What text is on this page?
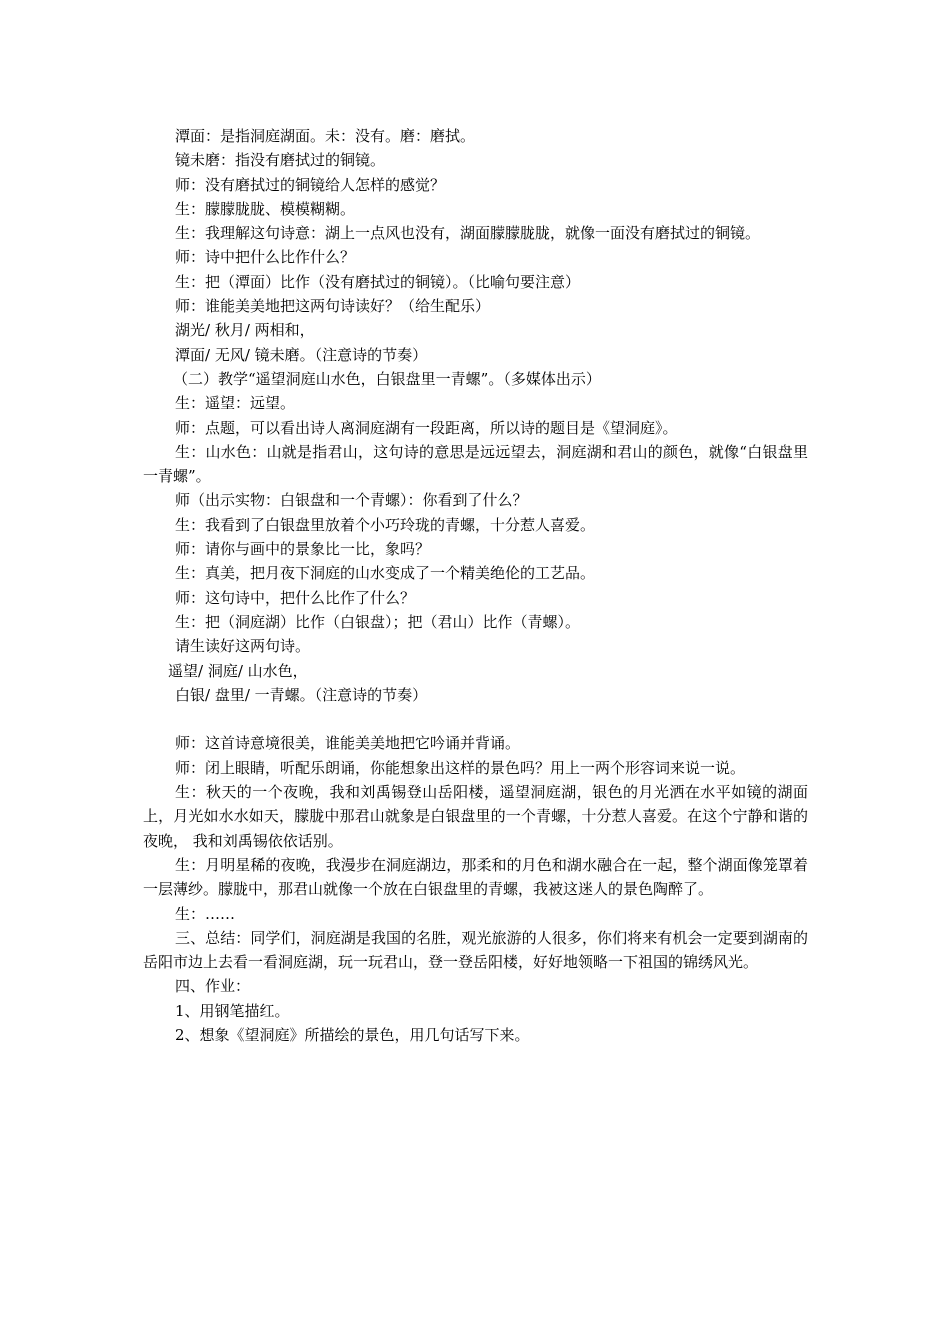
潭面：是指洞庭湖面。未：没有。磨：磨拭。
镜未磨：指没有磨拭过的铜镜。
师：没有磨拭过的铜镜给人怎样的感觉？
生：朦朦胧胧、模模糊糊。
生：我理解这句诗意：湖上一点风也没有，湖面朦朦胧胧，就像一面没有磨拭过的铜镜。
师：诗中把什么比作什么？
生：把（潭面）比作（没有磨拭过的铜镜）。（比喻句要注意）
师：谁能美美地把这两句诗读好？（给生配乐）
湖光/ 秋月/ 两相和，
潭面/ 无风/ 镜未磨。（注意诗的节奏）
（二）教学“遥望洞庭山水色，白银盘里一青螺”。（多媒体出示）
生：遥望：远望。
师：点题，可以看出诗人离洞庭湖有一段距离，所以诗的题目是《望洞庭》。
生：山水色：山就是指君山，这句诗的意思是远远望去，洞庭湖和君山的颜色，就像“白银盘里一青螺”。
师（出示实物：白银盘和一个青螺）：你看到了什么？
生：我看到了白银盘里放着个小巧玲珑的青螺，十分惹人喜爱。
师：请你与画中的景象比一比，象吗？
生：真美，把月夜下洞庭的山水变成了一个精美绝伦的工艺品。
师：这句诗中，把什么比作了什么？
生：把（洞庭湖）比作（白银盘）；把（君山）比作（青螺）。
请生读好这两句诗。
遥望/ 洞庭/ 山水色，
白银/ 盘里/ 一青螺。（注意诗的节奏）
师：这首诗意境很美，谁能美美地把它吟诵并背诵。
师：闭上眼睛，听配乐朗诵，你能想象出这样的景色吗？用上一两个形容词来说一说。
生：秋天的一个夜晚，我和刘禹锡登山岳阳楼，遥望洞庭湖，银色的月光洒在水平如镜的湖面上，月光如水水如天，朦胧中那君山就象是白银盘里的一个青螺，十分惹人喜爱。在这个宁静和谐的夜晚， 我和刘禹锡依依话别。
生：月明星稀的夜晚，我漫步在洞庭湖边，那柔和的月色和湖水融合在一起，整个湖面像笼罩着一层薄纱。朦胧中，那君山就像一个放在白银盘里的青螺，我被这迷人的景色陶醉了。
生：……
三、总结：同学们，洞庭湖是我国的名胜，观光旅游的人很多，你们将来有机会一定要到湖南的岳阳市边上去看一看洞庭湖，玩一玩君山，登一登岳阳楼，好好地领略一下祖国的锦绣风光。
四、作业：
1、用钢笔描红。
2、想象《望洞庭》所描绘的景色，用几句话写下来。
